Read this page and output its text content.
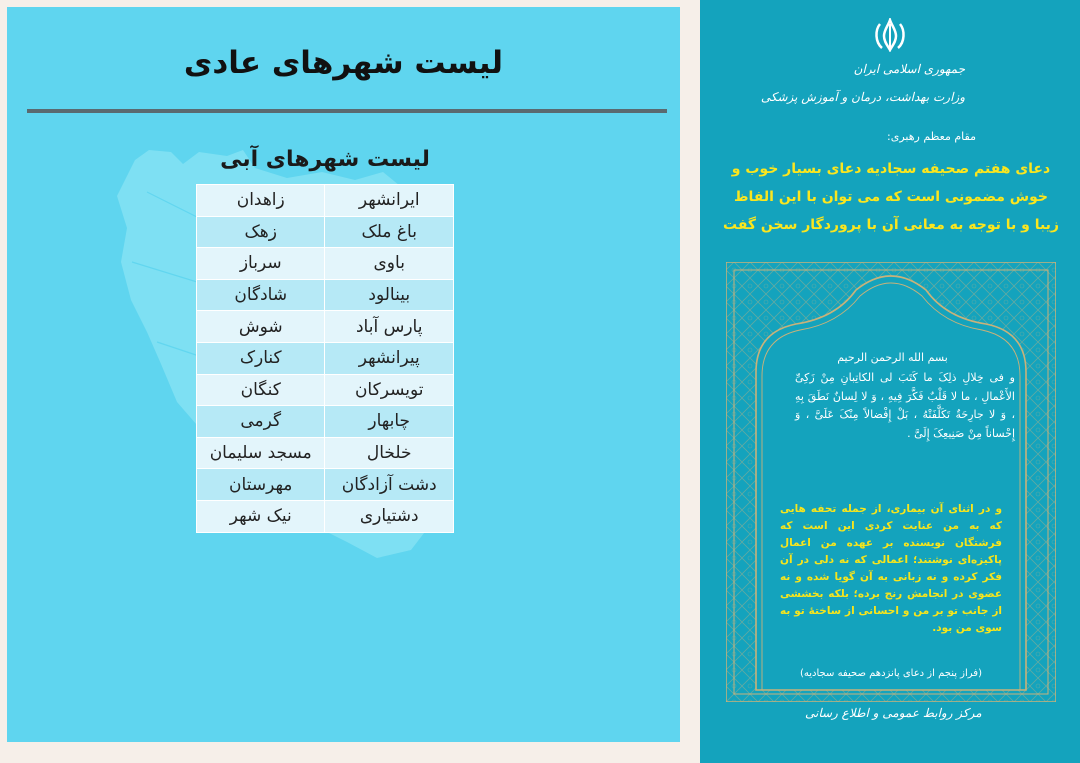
لیست شهرهای عادی
لیست شهرهای آبی
ایرانشهر	زاهدان
باغ ملک	زهک
باوی	سرباز
بینالود	شادگان
پارس آباد	شوش
پیرانشهر	کنارک
تویسرکان	کنگان
چابهار	گرمی
خلخال	مسجد سلیمان
دشت آزادگان	مهرستان
دشتیاری	نیک شهر
جمهوری اسلامی ایران
وزارت بهداشت، درمان و آموزش پزشکی
مقام معظم رهبری:
دعای هفتم صحیفه سجادیه دعای بسیار خوب و خوش مضمونی است که می توان با این الفاظ زیبا و با توجه به معانی آن با پروردگار سخن گفت
بسم الله الرحمن الرحیم
و فی خِلالِ ذلِکَ ما کَتَبَ لی الکاتِبانِ مِنْ زَکِیِّ الأَعْمالِ ، ما لا قَلْبٌ فَکَّرَ فِیهِ ، وَ لا لِسانٌ نَطَقَ بِهِ ، وَ لا جارِحَةٌ تَکَلَّفَتْهُ ، بَلْ إِفْضالاً مِنْکَ عَلَیَّ ، وَ إِحْساناً مِنْ صَنِیعِکَ إِلَیَّ .
و در اثنای آن بیماری، از جمله تحفه هایی که به من عنایت کردی این است که فرشتگان نویسنده بر عهده من اعمال پاکیزه‌ای نوشتند؛ اعمالی که نه دلی در آن فکر کرده و نه زبانی به آن گویا شده و نه عضوی در انجامش رنج برده؛ بلکه بخششی از جانب تو بر من و احسانی از ساختهٔ تو به سوی من بود.
(فراز پنجم از دعای پانزدهم صحیفه سجادیه)
مرکز روابط عمومی و اطلاع رسانی
